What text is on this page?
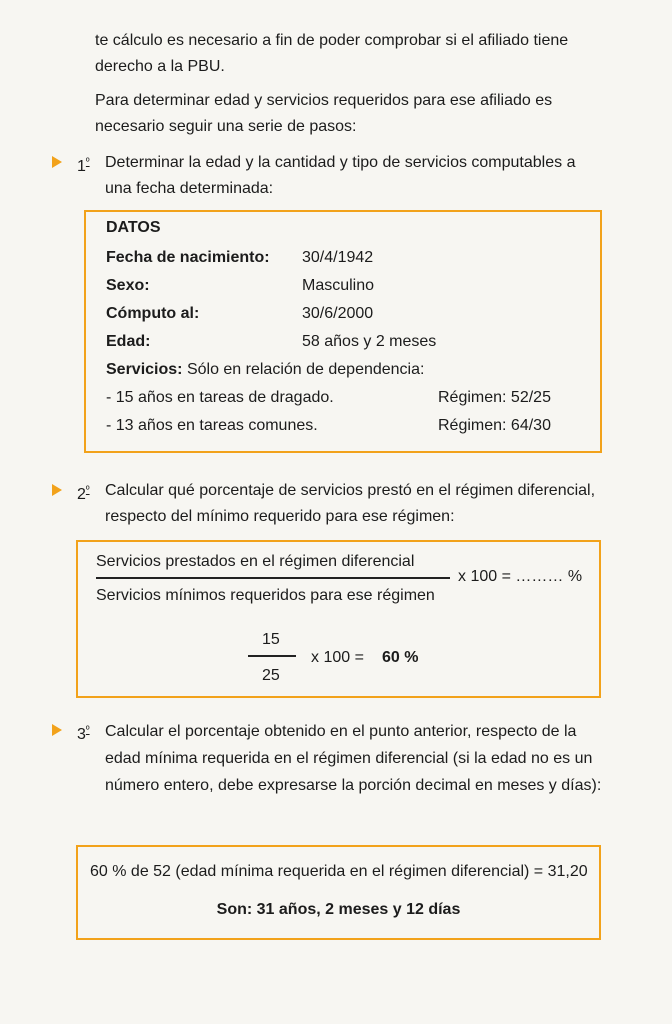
te cálculo es necesario a fin de poder comprobar si el afiliado tiene derecho a la PBU.
Para determinar edad y servicios requeridos para ese afiliado es necesario seguir una serie de pasos:
$1^º$ Determinar la edad y la cantidad y tipo de servicios computables a una fecha determinada:
DATOS
Fecha de nacimiento: 30/4/1942
Sexo:	Masculino
Cómputo al:	30/6/2000
Edad:	58 años y 2 meses
Servicios: Sólo en relación de dependencia:
- 15 años en tareas de dragado.	Régimen: 52/25
- 13 años en tareas comunes.	Régimen: 64/30
$2^º$ Calcular qué porcentaje de servicios prestó en el régimen diferencial, respecto del mínimo requerido para ese régimen:
Servicios prestados en el régimen diferencial
x 100 = ……… %
Servicios mínimos requeridos para ese régimen
15
25
x 100 = 60 %
$3^º$ Calcular el porcentaje obtenido en el punto anterior, respecto de la edad mínima requerida en el régimen diferencial (si la edad no es un número entero, debe expresarse la porción decimal en meses y días):
60 % de 52 (edad mínima requerida en el régimen diferencial) = 31,20
Son: 31 años, 2 meses y 12 días
